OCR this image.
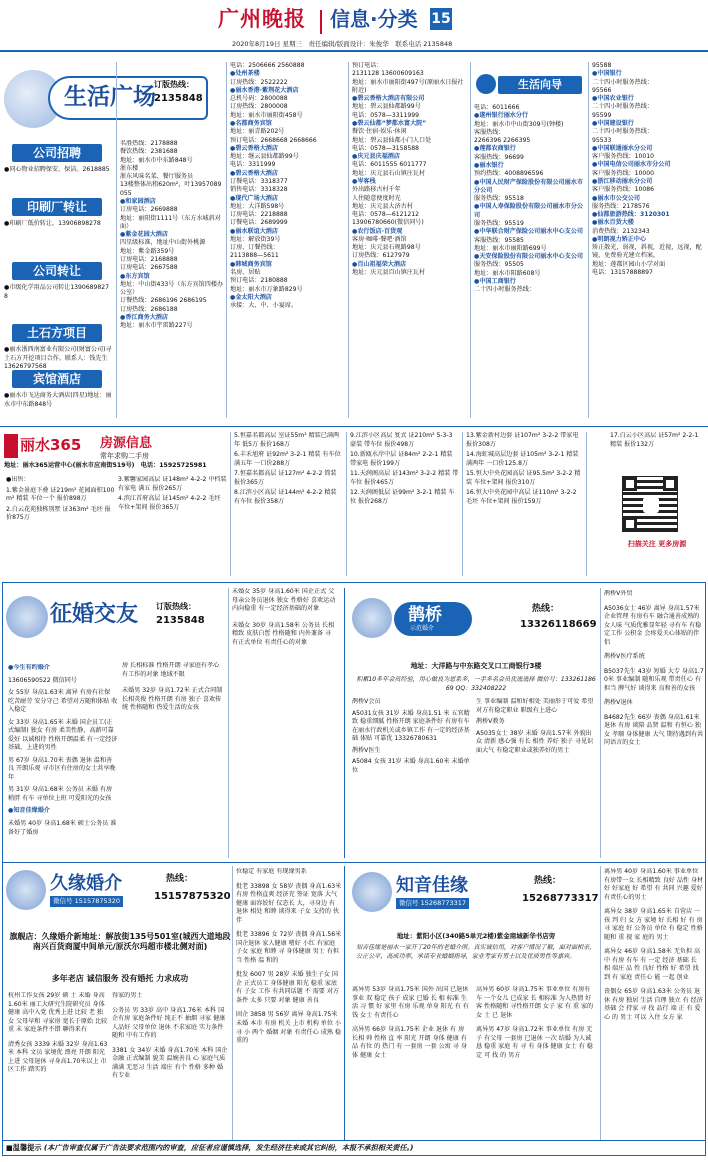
广州晚报 信息·分类 15
2020年8月19日 星期三　责任编辑/版面设计：朱俊华　联系电话 2135848
生活广场
订版热线：
2135848
公司招聘
●同心物业招聘保安、保洁。2618885
印刷厂转让
●印刷厂低价转让，13906898278
公司转让
●市级化学用品公司转让13906898278
土石方项目
●丽水浙西南富业有限公司(财富公司)寻土石方开挖项目合作。联系人：钱先生 13626797568
宾馆酒店
●丽水市飞达商务大酒店(四星)地址：丽水市中东路848号
名胜热线：2178888
餐饮热线：2381688
地址：丽水市中东路848号
浙东楼
浙东风味名菜、餐厅服务员
13楼整体出租620m²，叶13957089055
●和家园酒店
订房电话：2669888
地址：丽阳街1111号（东方水城斜对面）
●紫金花园大酒店
四星级标准，地址中山街外桃源
地址：紫金路359号
订房电话：2168888
订房电话：2667588
●东方宾馆
地址：中山街433号（东方宾馆四楼办公室）
订餐热线：2686196 2686195
订房热线：2686188
●香江商务大酒店
地址：丽水市宇雷路227号
电话：2506666 2560888
●处州茶楼
订房热线：2522222
●丽水香港·紫荆花大酒店
总机号码：2800088
订房热线：2800008
地址：丽水市丽阳街458号
●名都商务宾馆
地址：丽青路202号
预订电话：2668668 2668666
●碧云香格大酒店
地址：继云县仙都路99号
电话：3311999
●碧云香格大酒店
订餐电话：3318377
销售电话：3318328
●现代广场大酒店
地址：大洋路598号
订房电话：2218888
订餐电话：2689999
●丽水联谊大酒店
地址：解放街39号
订房、订餐热线：
2113888—5611
●韩城商务宾馆
名房、居贴
预订电话：2180888
地址：丽水市万象路829号
●金太阳大酒店
承接：大、中、小宴席。
预订电话：
2131128 13600609163
地址：丽水市丽阳街497号(原丽水日报社附近)
●碧云香格大酒店有限公司
地址：碧云县仙都路99号
电话：0578—3311999
●碧云仙都“梦都水富大院”
餐饮·住宿·娱乐·休闲
地址：碧云县仙都小门人口处
电话：0578—3158588
●庆元县庆福酒店
电话：6011555 6011777
地址：庆元县石山镇庄瓦村
●岑客栈
外出路移古村千年
人住随意便度时光
地址：庆元县大济古村
电话：0578—6121212
13906780660(微信同号)
●农行饭店·百货观
客房·咖啡·餐吧·酒馆
地址：庆元县石规路98号
订房热线：6127979
●百山祖福荣大酒店
地址：庆元县百山镇庄瓦村
生活向导
电话：6011666
●遂州银行丽水分行
地址：丽水市中山街309号(钟楼)
客服热线：
2266396 2266395
●莲都农商银行
客服热线：96699
●丽水银行
预约热线：4008896596
●中国人民财产保险股份有限公司丽水市分公司
服务热线：95518
●中国人寿保险股份有限公司丽水市分公司
服务热线：95519
●中华联合财产保险公司丽水中心支公司
客服热线：95585
地址：丽水市丽阳路699号
●天安保险股份有限公司丽水中心支公司
服务热线：95505
地址：丽水市阳路608号
●中国工商银行
二十四小时服务热线：
95588
●中国银行
二十四小时服务热线：
95566
●中国农业银行
二十四小时服务热线：
95599
●中国建设银行
二十四小时服务热线：
95533
●中国联通丽水分公司
客户服务热线：10010
●中国电信公司丽水市分公司
客户服务热线：10000
●浙江移动丽水分公司
客户服务热线：10086
●丽水市公交公司
服务热线：2178576
●仙都旅游热线：3120301
●丽水百货大楼
消费热线：2132343
●明朗视力矫正中心
矫正散光，弱视，斜视，近视，远视，配镜，免费验光建立档案。
地址：莲都区园山小学对面
电话：13157888897
丽水365 房源信息
常年求购二手房
地址：丽水365运营中心(丽水市应南街519号)　电话：15925725981
●出售：
1.紫金景庭下叠 证219m² 花园面积100m² 精装 车位一个 报价898万
2.白云花苑独栋别墅 证363m² 毛坯 报价875万
3.紫馨家园高层 证148m² 4-2-2 中档装 有家电 满五 报价265万
4.滨江首府高层 证145m² 4-2-2 毛坯 车位+架间 报价365万
5.恒嘉名都高层 室证55m² 精装已满两年 低5万 报价168万
6.丰禾旭府 证92m² 3-2-1 精装 有车位 满五年 一口价288万
7.恒嘉名都高层 证127m² 4-2-2 简装 报价365万
8.江滨小区高层 证144m² 4-2-2 精装 有车位 报价358万
9.江滨小区高层 复式 证210m² 5-3-3 豪装 带车位 报价498万
10.新瓯水岸中层 证84m² 2-2-1 精装 带家电 报价199万
11.天润阁高层 证143m² 3-2-2 精装 带车位 报价465万
12.天润阁低层 证99m² 3-2-1 精装 车位 报价268万
13.紫金新村边套 证107m² 3-2-2 带家电 报价308万
14.海虹城高层边套 证105m² 3-2-1 精装 满两年 一口价125.8万
15.恒大中央花园高层 证95.5m² 3-2-2 精装 车位+架间 报价310万
16.恒大中央花园中高层 证110m² 3-2-2 毛坯 车位+架间 报价159万
17.白云小区高层 证57m² 2-2-1 精装 报价132万
扫描关注 更多房源
征婚交友 订版热线：
2135848
●今生有约婚介
13606590522 微信同号
女 55岁 身高1.63米 离异 有房有社保 吃苦耐劳 安分守己 希望对方随和体贴 收入稳定
女 33岁 身高1.65米 未婚 国企员工(正式编制) 独女 有房 柔美性静，高薪可靠 爱好 以诚相待 性格开朗温柔 有一定经济基础，上进的男性
男 67岁 身高1.70米 丧偶 退休 温和善良 开朗乐观 寻市区有住房的女士共享晚年
男 31岁 身高1.68米 公务员 未婚 有房 稍胖 有车 寻单位上班 可爱阳光的女孩
●知音佳缘婚介
未婚男 40岁 身高1.68米 硕士公务员 准备好了婚房
房 长相标准 性格开朗 寻家庭有孝心 有工作的对象 地域不限
未婚男 32岁 身高1.72米 正式合同制 长相英俊 性格开朗 有房 独子 喜欢传统 性格随和 热爱生活的女孩
未婚女 35岁 身高1.60米 国企正式 父母亲公务员退休 独女 性格好 喜欢运动 内向稳重 有一定经济基础的对象
未婚女 30岁 身高1.58米 公务员 长相精致 皮肤白皙 性格随和 内外兼备 寻有正式单位 有责任心的对象
鹊桥
示范婚介
热线：
13326118669
地址：大洋路与中东路交叉口工商银行3楼
积累10多年会员经验，用心做良为恩系多，一手多名会员优选选择 微信号：13326118669 QQ：332408222
鹊桥V会员
A5031女孩 31岁 未婚 身高1.51 米 五官精致 稳重细腻 性格开朗 家庭条件好 有房有车 在丽水行政机关或乡镇工作 有一定的经济基础 体贴 可靠优 13326780631
鹊桥V医生
A5084 女孩 31岁 未婚 身高1.60米 未婚单位
生 事业编制 温和好相处 美丽形于可爱 希望对方有稳定职业 职级有上进心
鹊桥V教务
A5035女士 38岁 未婚 身高1.57米 外貌出众 清新 感心强 有长 相性 养好 独子 寻见识面大气 有稳定职业或独养好的男士
鹊桥V外贸
A5036女士 46岁 离异 身高1.57米 企业管理 有房有车 融合通善成熟的女人味 气质优雅显年轻 寻有车 有稳定工作 公积金 会疼爱关心体贴的伴侣
鹊桥V医疗系统
B5037先生 43岁 短婚 大专 身高1.70米 事业编制 随和乐观 带责任心 有担当 脾气好 谈得来 良和善的女孩
鹊桥V退休
B4682先生 66岁 丧偶 身高1.61米 退休 有房 谈陪 品贤 温和 有恒心 独女 孝顺 身体健康 大气 期待遇到有共同语言的女士
久缘婚介
微信号 15157875320
热线：
15157875320
旗舰店：久缘婚介新地址：解放街135号501室(城西大道地段南兴百货商厦中间单元/原沃尔玛超市楼北侧对面)
多年老店 诚信服务 没有婚托 力求成功
杭州工作女孩 29岁 硕 士 未婚 身高1.60米 丽工大研究生院研究员 身体健康 高中入党 优秀上进 比较 老 独女 父母早和 寻家房 宽长于原始 比较重 未 家庭条件不错 聊得来有
清秀女孩 3339 未婚 32岁 身高1.63米 本科 文员 家境优 漂亮 开朗 阳光 上进 父母退休 寻身高1.70米以上 市区工作 踏实的
得家的男士
公务员 男 33岁 高中 身高1.76米 本科 国企有房 家庭条件好 纯正不 抽烟 寻家 健康 人品好 父母单位 退休 不求家庭 实力条件 随和 中有工作的
3381 女 34岁 未婚 身高1.70米 本科 国企 金融 正式编制 貌美 温婉善良 心 家庭气质 满满 无恶习 生活 端庄 有个 性格 多种 婚 有专业
位稳定 有家庭 有现缘男系
批老 33898 女 58岁 丧偶 身高1.63米 有房 性格直爽 经济充 签证 宽落 大气 健康 面容姣好 仪态长 大，寻身边 有 退休 相处 和睦 谈得来 子女 支持的 伙伴
批老 33896 女 72岁 丧偶 身高1.56米 国企退休 家人健康 嗜好 小红 有家庭 子女 家庭 和睦 寻 身体健康 男士 有担当 性格 温 和的
批发 6007 男 28岁 未婚 独生子女 国企 正式员工 身体健康 阳光 稳重 家底 有 子女 工作 有共同话题 不 需要 对方条件 太多 只要 对象 健康 善良
固企 3858 男 56岁 离异 身高1.75米 未婚 本市 有房 机关 上市 机构 单位 小 寻 小 两个 婚姻 对象 有责任心 成熟 稳重的
知音佳缘
微信号 15268773317
热线：
15268773317
地址：紫阳小区(340路5单元2楼)紫金商城新华书店旁
知音佳缘是丽水一家开了20年的老婚介所。真实诚信用，对客户情况了解，面对面相亲，公正公平，高成功率，承诺专业婚姻指导，家业考家有男士以及优质男性等嘉宾。
离异男 53岁 身高1.75米 国外 出国 已退休 事业 双 稳定 孩子 成家 已婚 长 相 标准 生活 习 惯 好 家里 有房 乐观 单身 阳光 有 有 钱 女士 有责任心
高异男 66岁 身高1.75米 企业 退休 有 房 长相 帅 性格 直 率 阳光 开朗 身体 健康 有品 有位 的 热门 有 一套房 一套 公寓 寻 身体 健康 女士
高异男 60岁 身高1.75米 事业单位 有房有车 一个女儿 已成家 长 相标准 为人热情 好客 性格随和 寻性格开朗 女子 家 有 重 家的 女 士 已 退休
离异男 47岁 身高1.72米 事业单位 有房 无子 有父母 一套房 已退休 一次 结婚 为人诚恳 稳重 家庭 有 寻 有 身体 健康 女士 有 稳定 可 找 的 男方
离异男 40岁 身高1.60米 事业单位 有房带一女 长相精致 良好 品性 身材 好 好家庭 好 希望 有 共同 兴趣 爱好 有责任心的男士
离异女 38岁 身高1.65米 自营店 一孩 判 归 女 方 家境 好 长相 好 有 房 寻 家庭 好 公务员 单位 有 稳定 性格 随和 重 视 家 庭的 男士
离异女 46岁 身高1.58米 无负担 高中 有房 有车 有 一定 经济 基础 长 相 端庄 品 性 良好 性格 好 希望 找 到 有 家庭 责任心 能 一起 创业
丧偶女 65岁 身高1.63米 公务员 退休 有房 独居 生活 自理 独立 有 经济 基础 会 持家 寻 找 品行 端 正 有 爱心 的 男士 可以 入住 女方 家
■温馨提示 (本广告审查仅属于广告法要求范围内的审查，应征者应谨慎选择，发生经济往来或其它纠纷，本报不承担相关责任。)
